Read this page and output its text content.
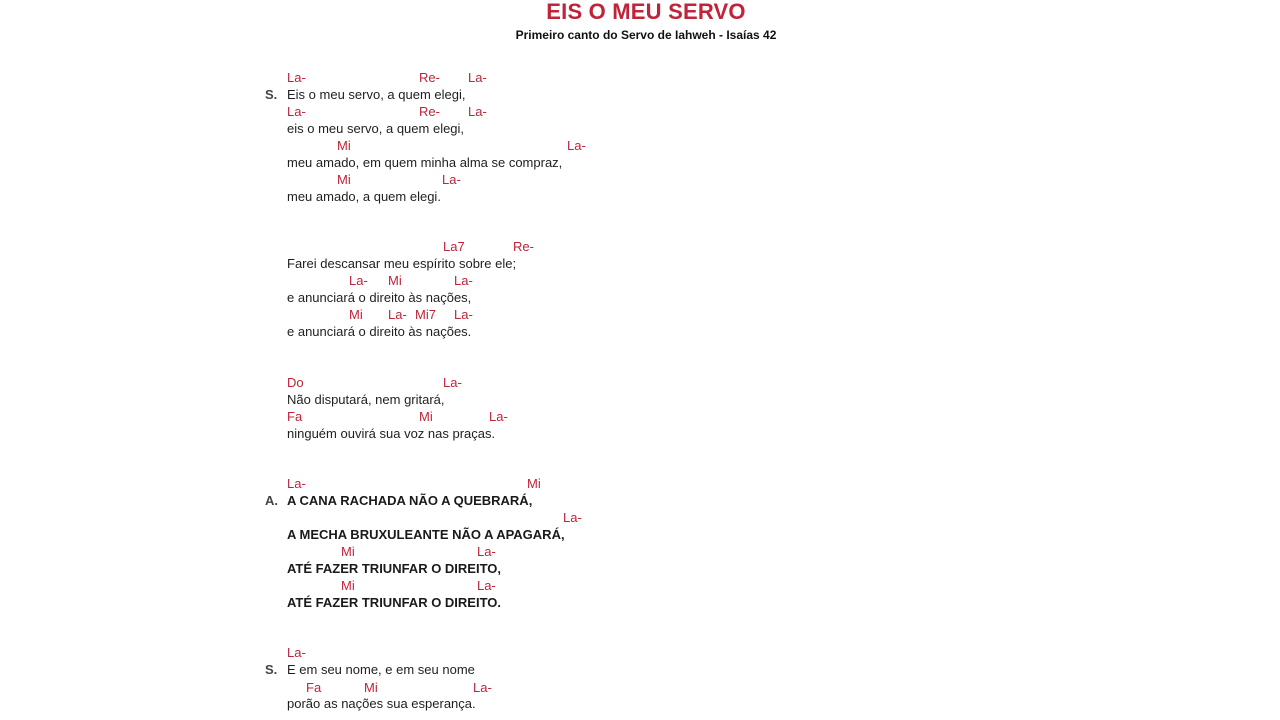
EIS O MEU SERVO
Primeiro canto do Servo de Iahweh - Isaías 42
La-	Re- La-
S. Eis o meu servo, a quem elegi,
La-	Re- La-
eis o meu servo, a quem elegi,
Mi	La-
meu amado, em quem minha alma se compraz,
Mi	La-
meu amado, a quem elegi.
La7	Re-
Farei descansar meu espírito sobre ele;
La- Mi	La-
e anunciará o direito às nações,
Mi La- Mi7 La-
e anunciará o direito às nações.
Do	La-
Não disputará, nem gritará,
Fa	Mi	La-
ninguém ouvirá sua voz nas praças.
La-	Mi
A. A CANA RACHADA NÃO A QUEBRARÁ,
La-
A MECHA BRUXULEANTE NÃO A APAGARÁ,
Mi	La-
ATÉ FAZER TRIUNFAR O DIREITO,
Mi	La-
ATÉ FAZER TRIUNFAR O DIREITO.
La-
S. E em seu nome, e em seu nome
Fa	Mi	La-
porão as nações sua esperança.
